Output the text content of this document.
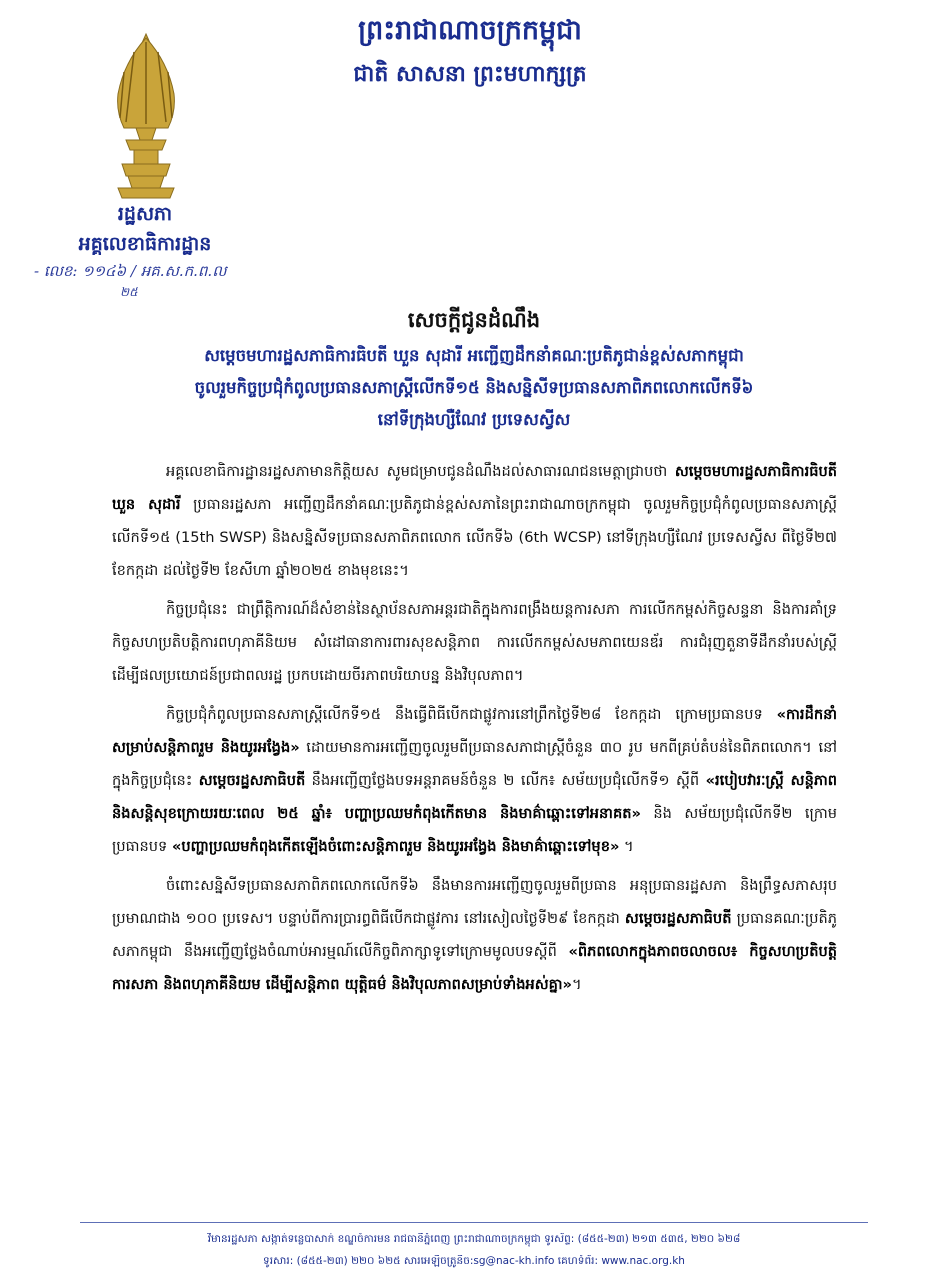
ព្រះរាជាណាចក្រកម្ពុជា
ជាតិ សាសនា ព្រះមហាក្សត្រ
រដ្ឋសភា
អគ្គលេខាធិការដ្ឋាន
- លេខ: ១១៤៦ / អគ.ស.ក.ព.ល
២៥
សេចក្តីជូនដំណឹង
សម្តេចមហារដ្ឋសភាធិការធិបតី ឃួន សុដារី អញ្ជើញដឹកនាំគណៈប្រតិភូជាន់ខ្ពស់សភាកម្ពុជា
ចូលរួមកិច្ចប្រជុំកំពូលប្រធានសភាស្ត្រីលើកទី១៥ និងសន្និសីទប្រធានសភាពិភពលោកលើកទី៦
នៅទីក្រុងហ្សឺណែវ ប្រទេសស្វីស

អគ្គលេខាធិការដ្ឋានរដ្ឋសភាមានកិត្តិយស សូមជម្រាបជូនដំណឹងដល់សាធារណជនមេត្តាជ្រាបថា សម្តេចមហារដ្ឋសភាធិការធិបតី ឃួន សុដារី ប្រធានរដ្ឋសភា អញ្ជើញដឹកនាំគណៈប្រតិភូជាន់ខ្ពស់សភានៃព្រះរាជាណាចក្រកម្ពុជា ចូលរួមកិច្ចប្រជុំកំពូលប្រធានសភាស្ត្រីលើកទី១៥ (15th SWSP) និងសន្និសីទប្រធានសភាពិភពលោក លើកទី៦ (6th WCSP) នៅទីក្រុងហ្សឺណែវ ប្រទេសស្វីស ពីថ្ងៃទី២៧ ខែកក្កដា ដល់ថ្ងៃទី២ ខែសីហា ឆ្នាំ២០២៥ ខាងមុខនេះ។

កិច្ចប្រជុំនេះ ជាព្រឹត្តិការណ៍ដ៏សំខាន់នៃស្ថាប័នសភាអន្តរជាតិក្នុងការពង្រឹងយន្តការសភា ការលើកកម្ពស់កិច្ចសន្ទនា និងការគាំទ្រកិច្ចសហប្រតិបត្តិការពហុភាគីនិយម សំដៅធានាការពារសុខសន្តិភាព ការលើកកម្ពស់សមភាពយេនឌ័រ ការជំរុញតួនាទីដឹកនាំរបស់ស្ត្រី ដើម្បីផលប្រយោជន៍ប្រជាពលរដ្ឋ ប្រកបដោយចីរភាពបរិយាបន្ន និងវិបុលភាព។

កិច្ចប្រជុំកំពូលប្រធានសភាស្ត្រីលើកទី១៥ នឹងធ្វើពិធីបើកជាផ្លូវការនៅព្រឹកថ្ងៃទី២៨ ខែកក្កដា ក្រោមប្រធានបទ «ការដឹកនាំសម្រាប់សន្តិភាពរួម និងយូរអង្វែង» ដោយមានការអញ្ជើញចូលរួមពីប្រធានសភាជាស្ត្រីចំនួន ៣០ រូប មកពីគ្រប់តំបន់នៃពិភពលោក។ នៅក្នុងកិច្ចប្រជុំនេះ សម្តេចរដ្ឋសភាធិបតី នឹងអញ្ជើញថ្លែងបទអន្តរាគមន៍ចំនួន ២ លើក៖ សម័យប្រជុំលើកទី១ ស្តីពី «របៀបវារៈស្ត្រី សន្តិភាព និងសន្តិសុខក្រោយរយៈពេល ២៥ ឆ្នាំ៖ បញ្ហាប្រឈមកំពុងកើតមាន និងមាគ៌ាឆ្ពោះទៅអនាគត» និង សម័យប្រជុំលើកទី២ ក្រោមប្រធានបទ «បញ្ហាប្រឈមកំពុងកើតឡើងចំពោះសន្តិភាពរួម និងយូរអង្វែង និងមាគ៌ាឆ្ពោះទៅមុខ» ។

ចំពោះសន្និសីទប្រធានសភាពិភពលោកលើកទី៦ នឹងមានការអញ្ជើញចូលរួមពីប្រធាន អនុប្រធានរដ្ឋសភា និងព្រឹទ្ធសភាសរុបប្រមាណជាង ១០០ ប្រទេស។ បន្ទាប់ពីការប្រារព្ធពិធីបើកជាផ្លូវការ នៅរសៀលថ្ងៃទី២៩ ខែកក្កដា សម្តេចរដ្ឋសភាធិបតី ប្រធានគណៈប្រតិភូសភាកម្ពុជា នឹងអញ្ជើញថ្លែងចំណាប់អារម្មណ៍លើកិច្ចពិភាក្សាទូទៅក្រោមមូលបទស្តីពី «ពិភពលោកក្នុងភាពចលាចល៖ កិច្ចសហប្រតិបត្តិការសភា និងពហុភាគីនិយម ដើម្បីសន្តិភាព យុត្តិធម៌ និងវិបុលភាពសម្រាប់ទាំងអស់គ្នា»។

វិមានរដ្ឋសភា សង្កាត់ទន្លេបាសាក់ ខណ្ឌចំការមន រាជធានីភ្នំពេញ ព្រះរាជាណាចក្រកម្ពុជា ទូរស័ព្ទ: (៨៥៥-២៣) ២១៣ ៥៣៥, ២២០ ៦២៨
ទូរសារ: (៨៥៥-២៣) ២២០ ៦២៥ សារអេឡិចត្រូនិច:sg@nac-kh.info គេហទំព័រ: www.nac.org.kh
